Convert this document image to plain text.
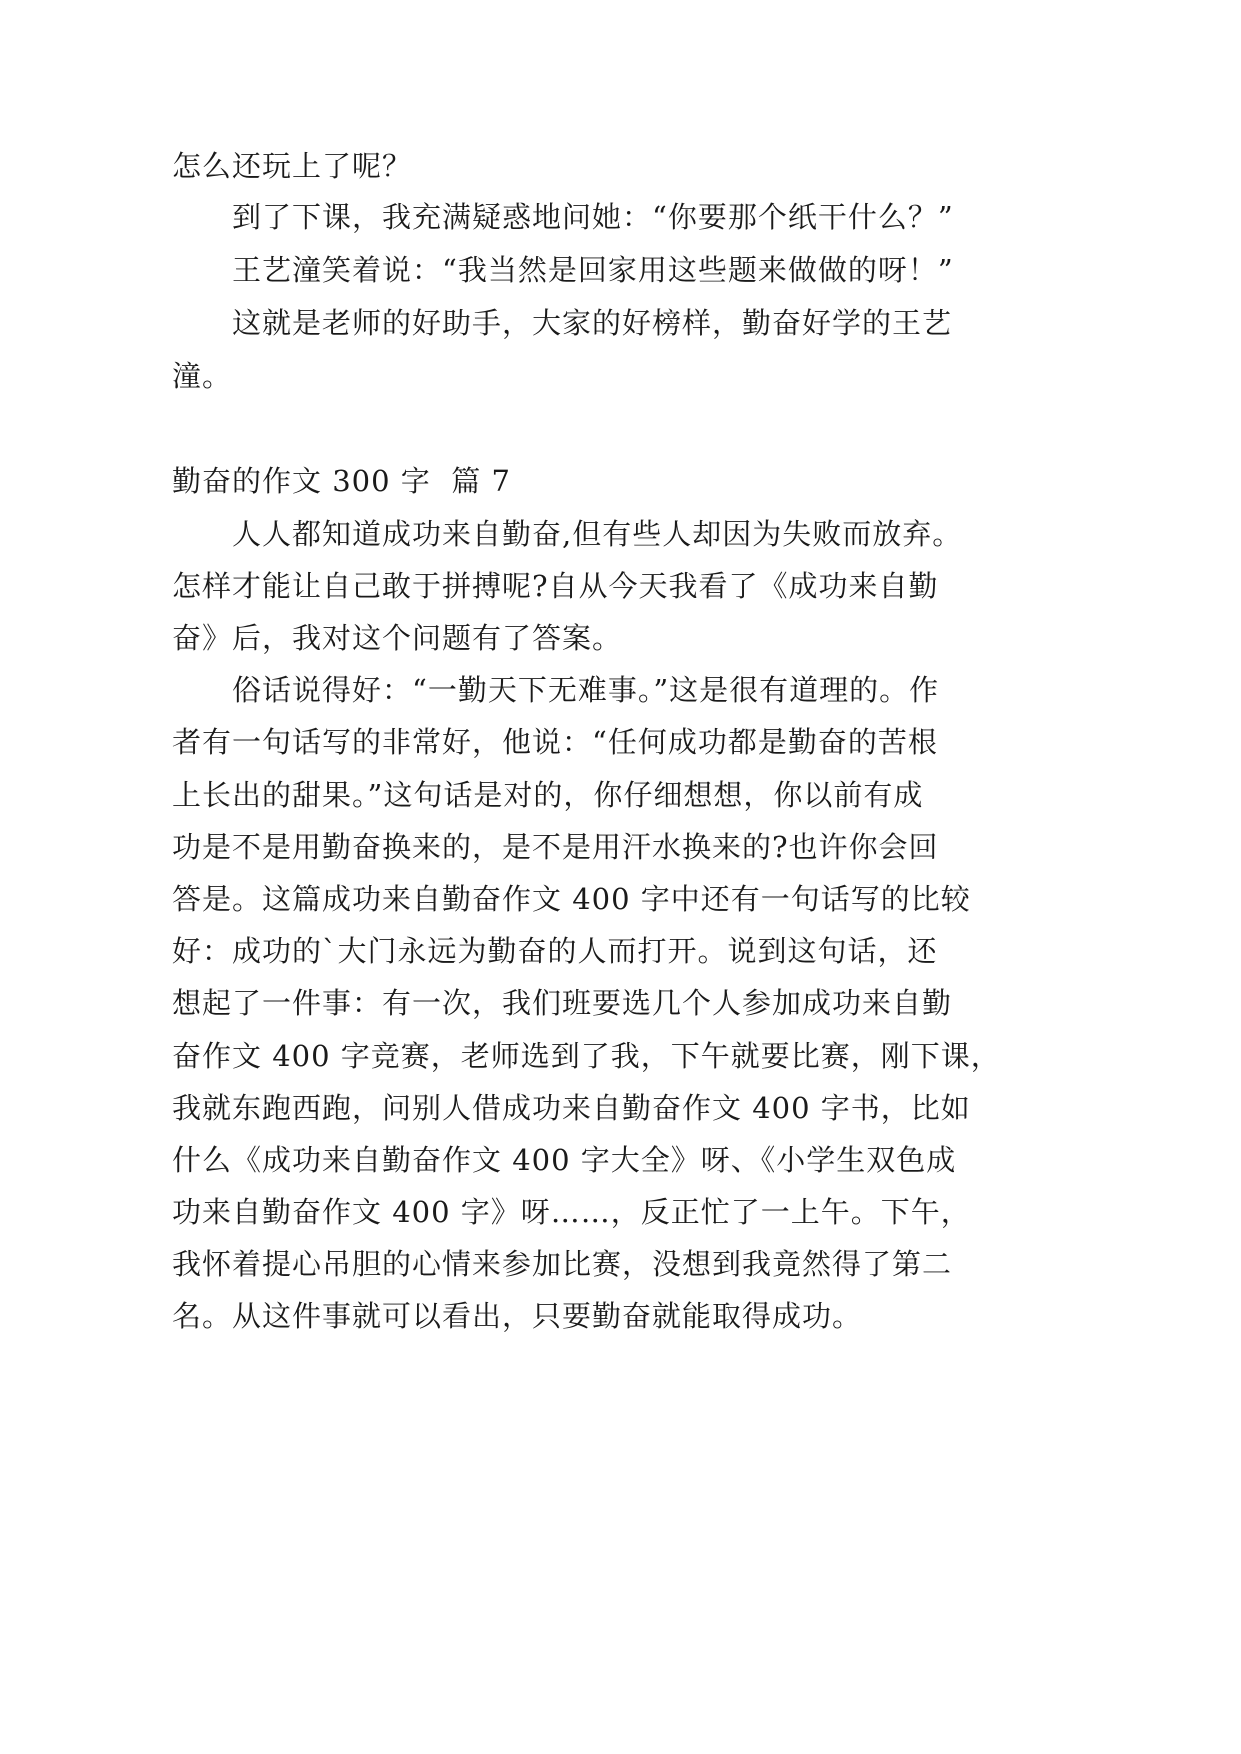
怎么还玩上了呢？
到了下课，我充满疑惑地问她：“你要那个纸干什么？”
王艺潼笑着说：“我当然是回家用这些题来做做的呀！”
这就是老师的好助手，大家的好榜样，勤奋好学的王艺
潼。
勤奋的作文 300 字  篇 7
人人都知道成功来自勤奋,但有些人却因为失败而放弃。
怎样才能让自己敢于拼搏呢?自从今天我看了《成功来自勤
奋》后，我对这个问题有了答案。
俗话说得好：“一勤天下无难事。”这是很有道理的。作
者有一句话写的非常好，他说：“任何成功都是勤奋的苦根
上长出的甜果。”这句话是对的，你仔细想想，你以前有成
功是不是用勤奋换来的，是不是用汗水换来的?也许你会回
答是。这篇成功来自勤奋作文 400 字中还有一句话写的比较
好：成功的`大门永远为勤奋的人而打开。说到这句话，还
想起了一件事：有一次，我们班要选几个人参加成功来自勤
奋作文 400 字竞赛，老师选到了我，下午就要比赛，刚下课，
我就东跑西跑，问别人借成功来自勤奋作文 400 字书，比如
什么《成功来自勤奋作文 400 字大全》呀、《小学生双色成
功来自勤奋作文 400 字》呀……，反正忙了一上午。下午，
我怀着提心吊胆的心情来参加比赛，没想到我竟然得了第二
名。从这件事就可以看出，只要勤奋就能取得成功。
